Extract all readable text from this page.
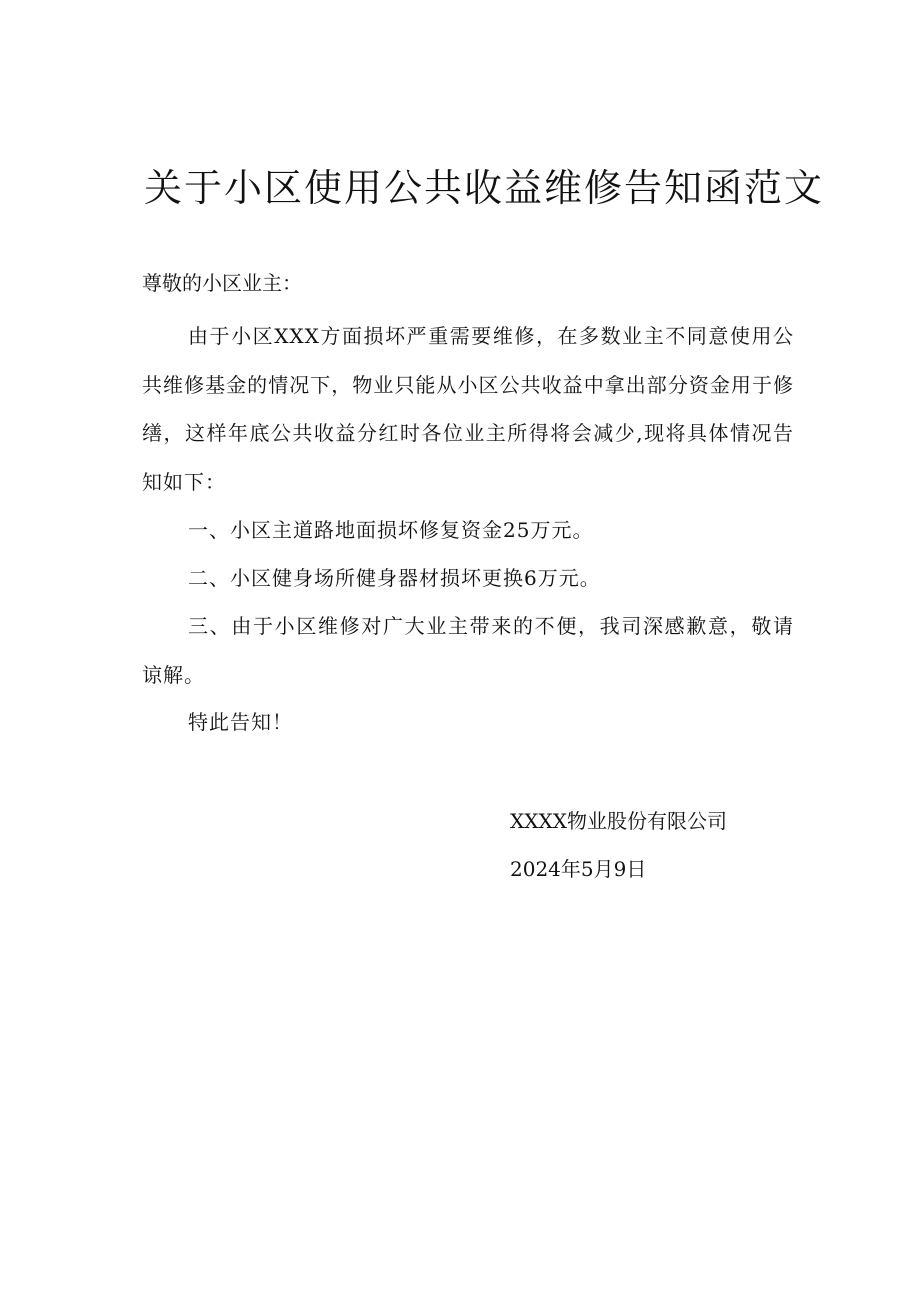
关于小区使用公共收益维修告知函范文

尊敬的小区业主：

由于小区XXX方面损坏严重需要维修，在多数业主不同意使用公共维修基金的情况下，物业只能从小区公共收益中拿出部分资金用于修缮，这样年底公共收益分红时各位业主所得将会减少,现将具体情况告知如下：

一、小区主道路地面损坏修复资金25万元。

二、小区健身场所健身器材损坏更换6万元。

三、由于小区维修对广大业主带来的不便，我司深感歉意，敬请谅解。

特此告知！

XXXX物业股份有限公司

2024年5月9日
